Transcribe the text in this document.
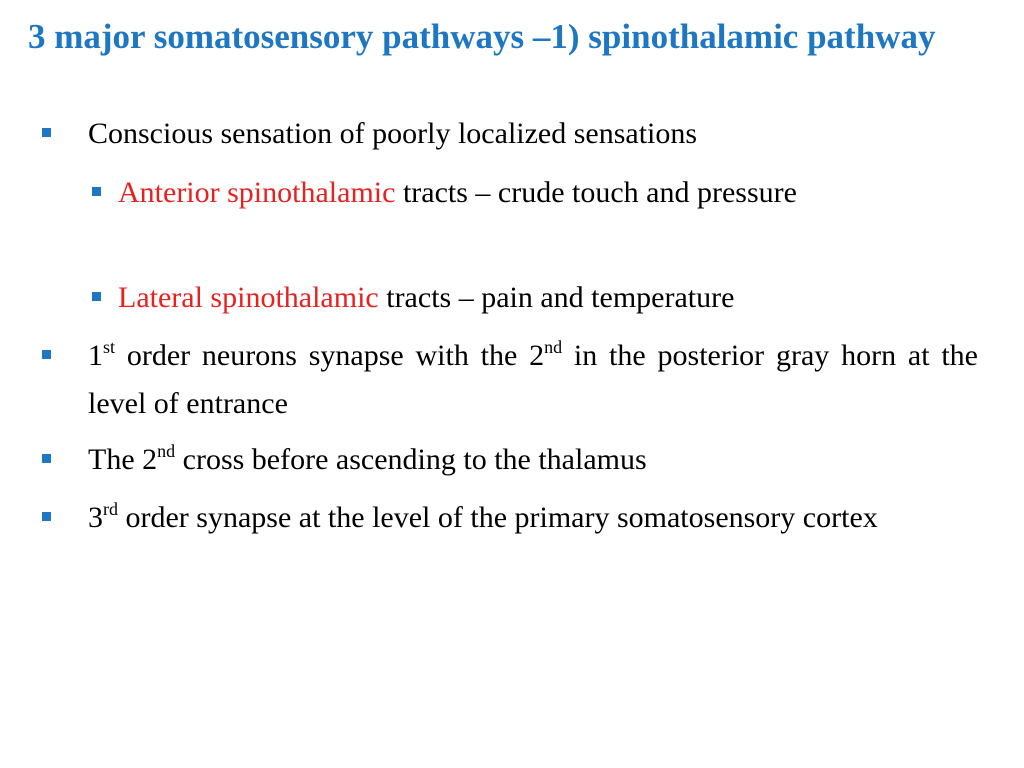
3 major somatosensory pathways –1) spinothalamic pathway
Conscious sensation of poorly localized sensations
Anterior spinothalamic tracts – crude touch and pressure
Lateral spinothalamic tracts – pain and temperature
1st order neurons synapse with the 2nd in the posterior gray horn at the level of entrance
The 2nd cross before ascending to the thalamus
3rd order synapse at the level of the primary somatosensory cortex
